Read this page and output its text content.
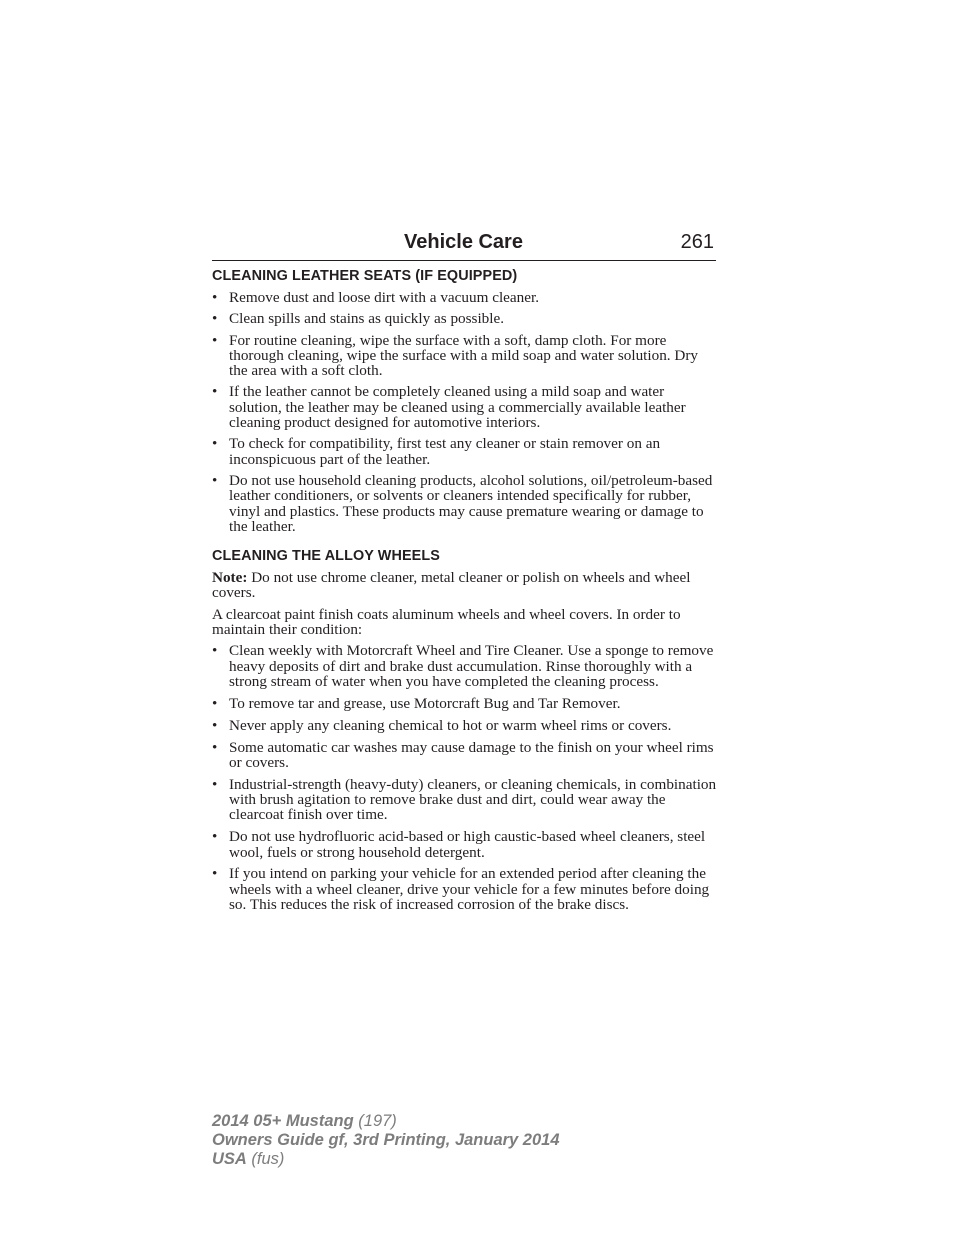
Vehicle Care	261
CLEANING LEATHER SEATS (IF EQUIPPED)
• Remove dust and loose dirt with a vacuum cleaner.
• Clean spills and stains as quickly as possible.
• For routine cleaning, wipe the surface with a soft, damp cloth. For more thorough cleaning, wipe the surface with a mild soap and water solution. Dry the area with a soft cloth.
• If the leather cannot be completely cleaned using a mild soap and water solution, the leather may be cleaned using a commercially available leather cleaning product designed for automotive interiors.
• To check for compatibility, first test any cleaner or stain remover on an inconspicuous part of the leather.
• Do not use household cleaning products, alcohol solutions, oil/petroleum-based leather conditioners, or solvents or cleaners intended specifically for rubber, vinyl and plastics. These products may cause premature wearing or damage to the leather.
CLEANING THE ALLOY WHEELS

Note: Do not use chrome cleaner, metal cleaner or polish on wheels and wheel covers.

A clearcoat paint finish coats aluminum wheels and wheel covers. In order to maintain their condition:

• Clean weekly with Motorcraft Wheel and Tire Cleaner. Use a sponge to remove heavy deposits of dirt and brake dust accumulation. Rinse thoroughly with a strong stream of water when you have completed the cleaning process.
• To remove tar and grease, use Motorcraft Bug and Tar Remover.
• Never apply any cleaning chemical to hot or warm wheel rims or covers.
• Some automatic car washes may cause damage to the finish on your wheel rims or covers.
• Industrial-strength (heavy-duty) cleaners, or cleaning chemicals, in combination with brush agitation to remove brake dust and dirt, could wear away the clearcoat finish over time.
• Do not use hydrofluoric acid-based or high caustic-based wheel cleaners, steel wool, fuels or strong household detergent.
• If you intend on parking your vehicle for an extended period after cleaning the wheels with a wheel cleaner, drive your vehicle for a few minutes before doing so. This reduces the risk of increased corrosion of the brake discs.
2014 05+ Mustang (197)
Owners Guide gf, 3rd Printing, January 2014
USA (fus)
